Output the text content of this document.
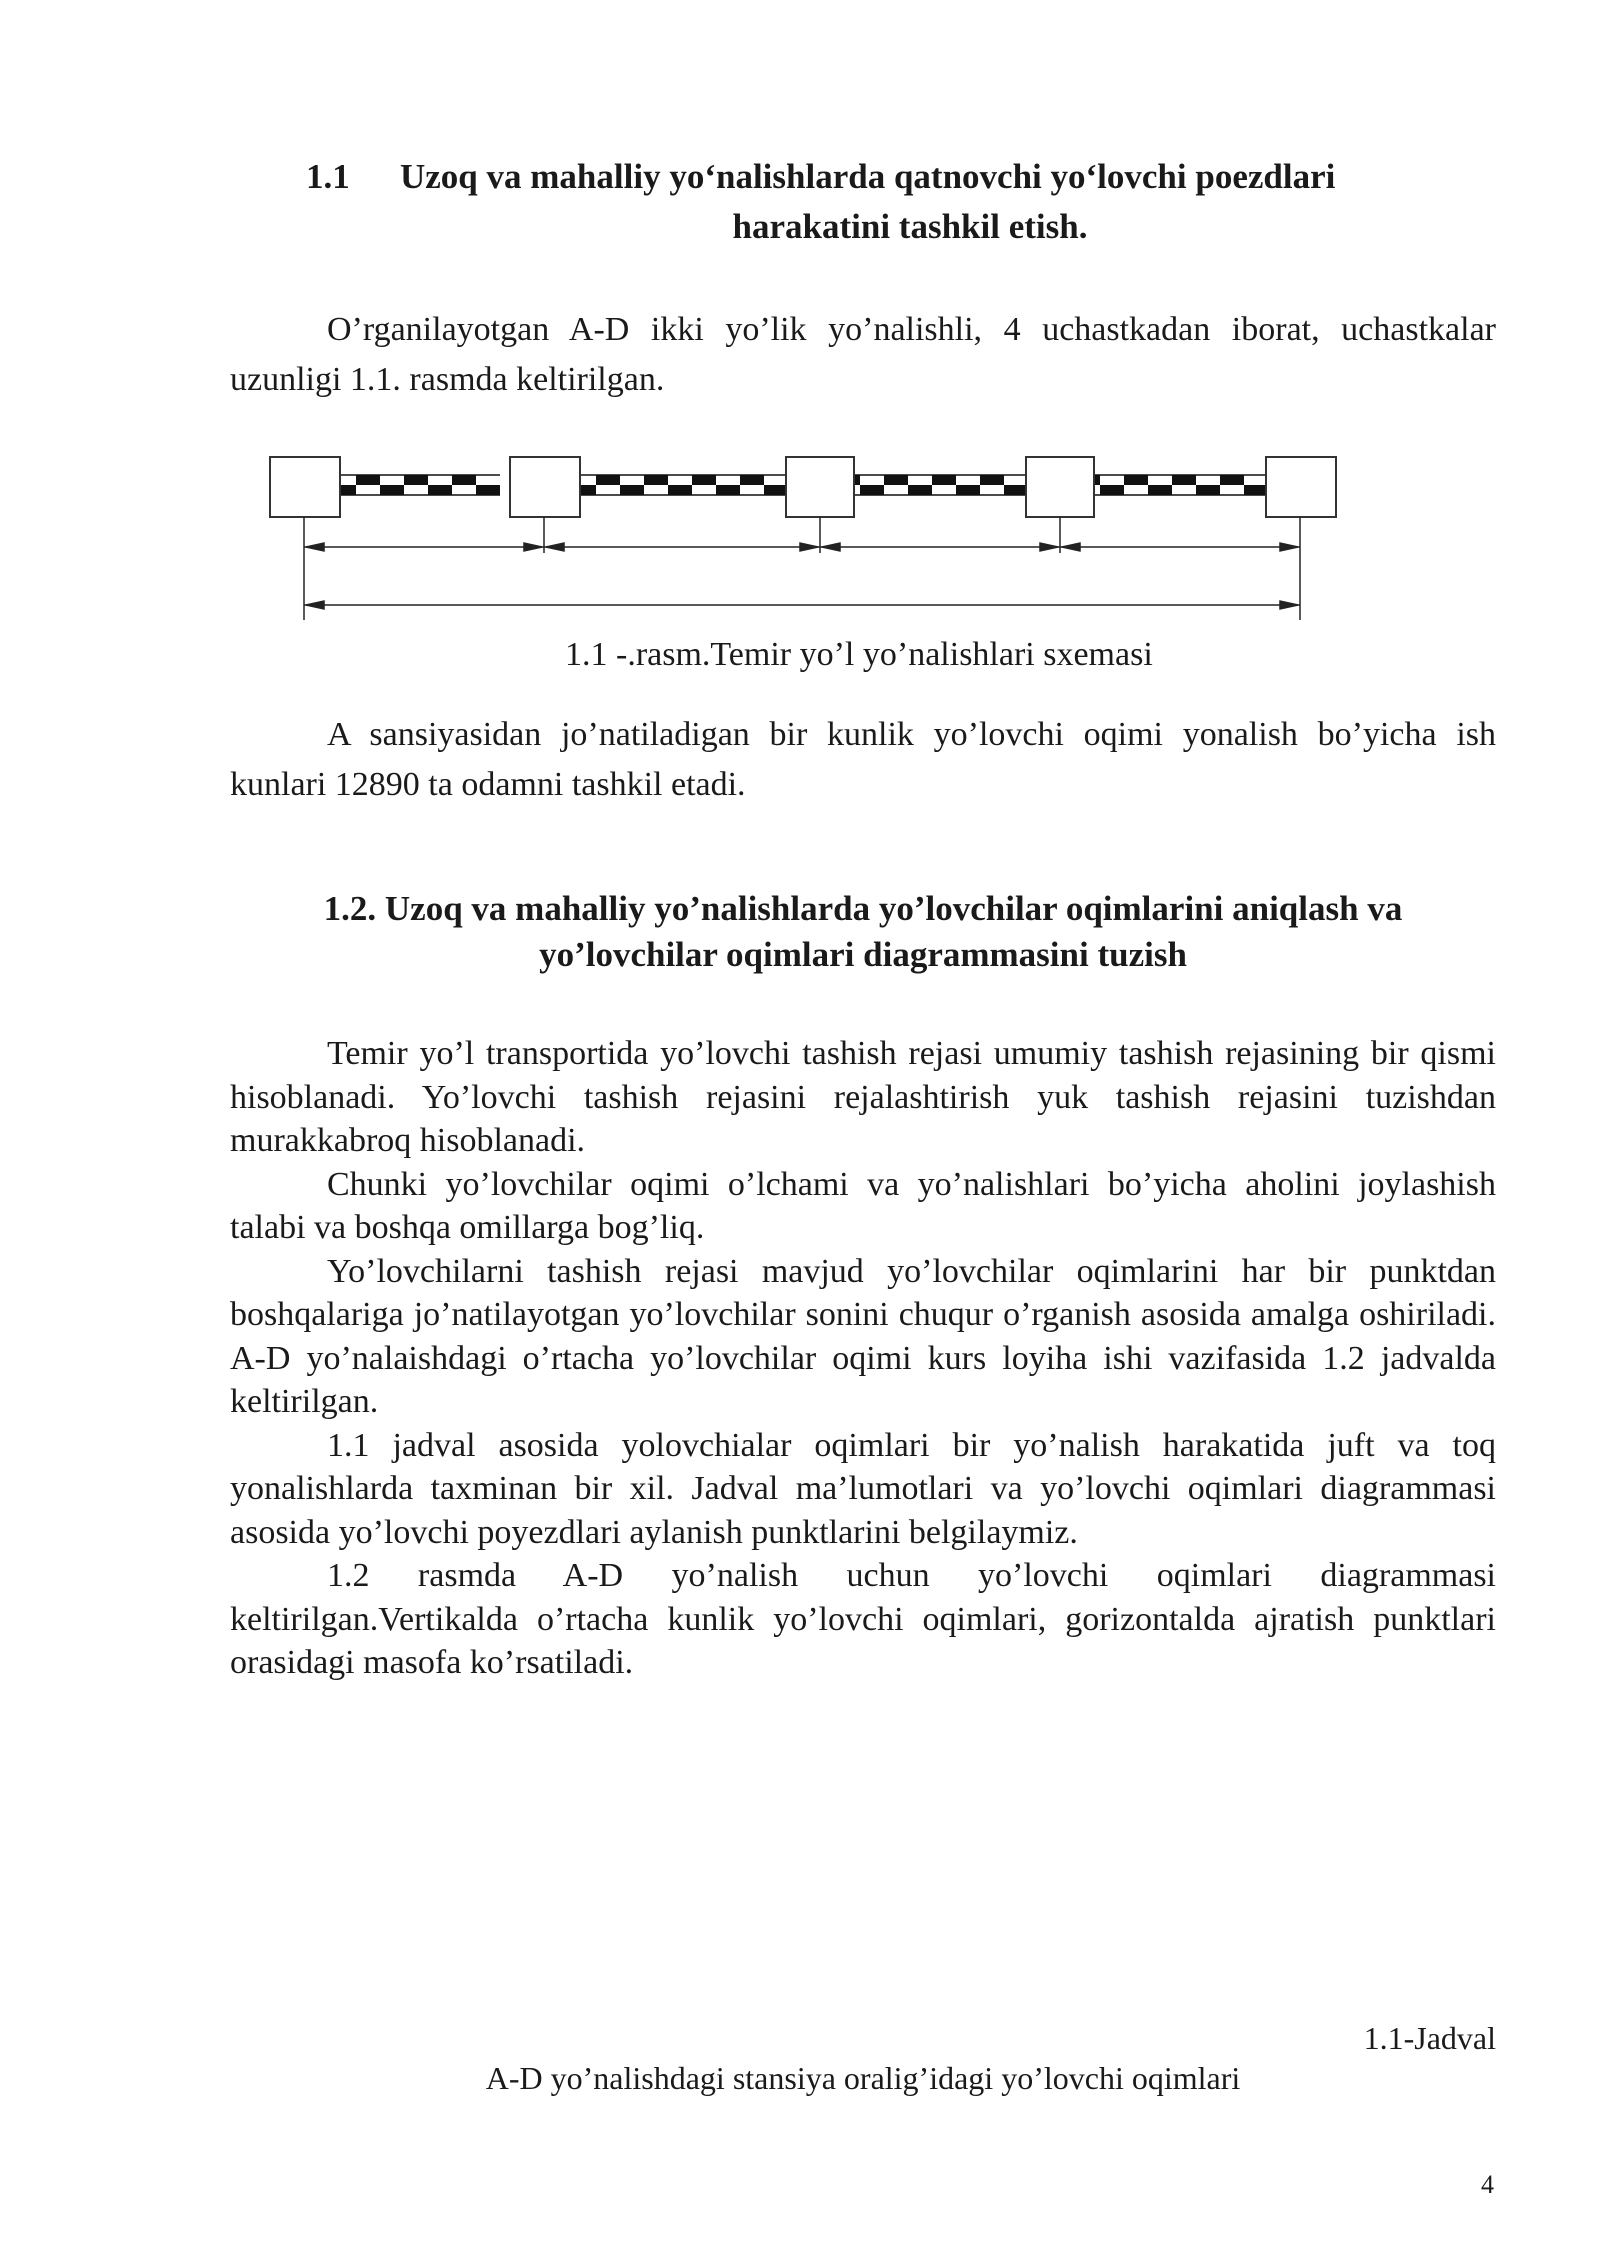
1.1 Uzoq va mahalliy yo‘nalishlarda qatnovchi yo‘lovchi poezdlari
harakatini tashkil etish.
O’rganilayotgan A-D ikki yo’lik yo’nalishli, 4 uchastkadan iborat, uchastkalar uzunligi 1.1. rasmda keltirilgan.
1.1 -.rasm.Temir yo’l yo’nalishlari sxemasi
A sansiyasidan jo’natiladigan bir kunlik yo’lovchi oqimi yonalish bo’yicha ish kunlari 12890 ta odamni tashkil etadi.
1.2. Uzoq va mahalliy yo’nalishlarda yo’lovchilar oqimlarini aniqlash va
yo’lovchilar oqimlari diagrammasini tuzish
Temir yo’l transportida yo’lovchi tashish rejasi umumiy tashish rejasining bir qismi hisoblanadi. Yo’lovchi tashish rejasini rejalashtirish yuk tashish rejasini tuzishdan murakkabroq hisoblanadi.
Chunki yo’lovchilar oqimi o’lchami va yo’nalishlari bo’yicha aholini joylashish talabi va boshqa omillarga bog’liq.
Yo’lovchilarni tashish rejasi mavjud yo’lovchilar oqimlarini har bir punktdan boshqalariga jo’natilayotgan yo’lovchilar sonini chuqur o’rganish asosida amalga oshiriladi. A-D yo’nalaishdagi o’rtacha yo’lovchilar oqimi kurs loyiha ishi vazifasida 1.2 jadvalda keltirilgan.
1.1 jadval asosida yolovchialar oqimlari bir yo’nalish harakatida juft va toq yonalishlarda taxminan bir xil. Jadval ma’lumotlari va yo’lovchi oqimlari diagrammasi asosida yo’lovchi poyezdlari aylanish punktlarini belgilaymiz.
1.2 rasmda A-D yo’nalish uchun yo’lovchi oqimlari diagrammasi keltirilgan.Vertikalda o’rtacha kunlik yo’lovchi oqimlari, gorizontalda ajratish punktlari orasidagi masofa ko’rsatiladi.
1.1-Jadval
A-D yo’nalishdagi stansiya oralig’idagi yo’lovchi oqimlari
4
